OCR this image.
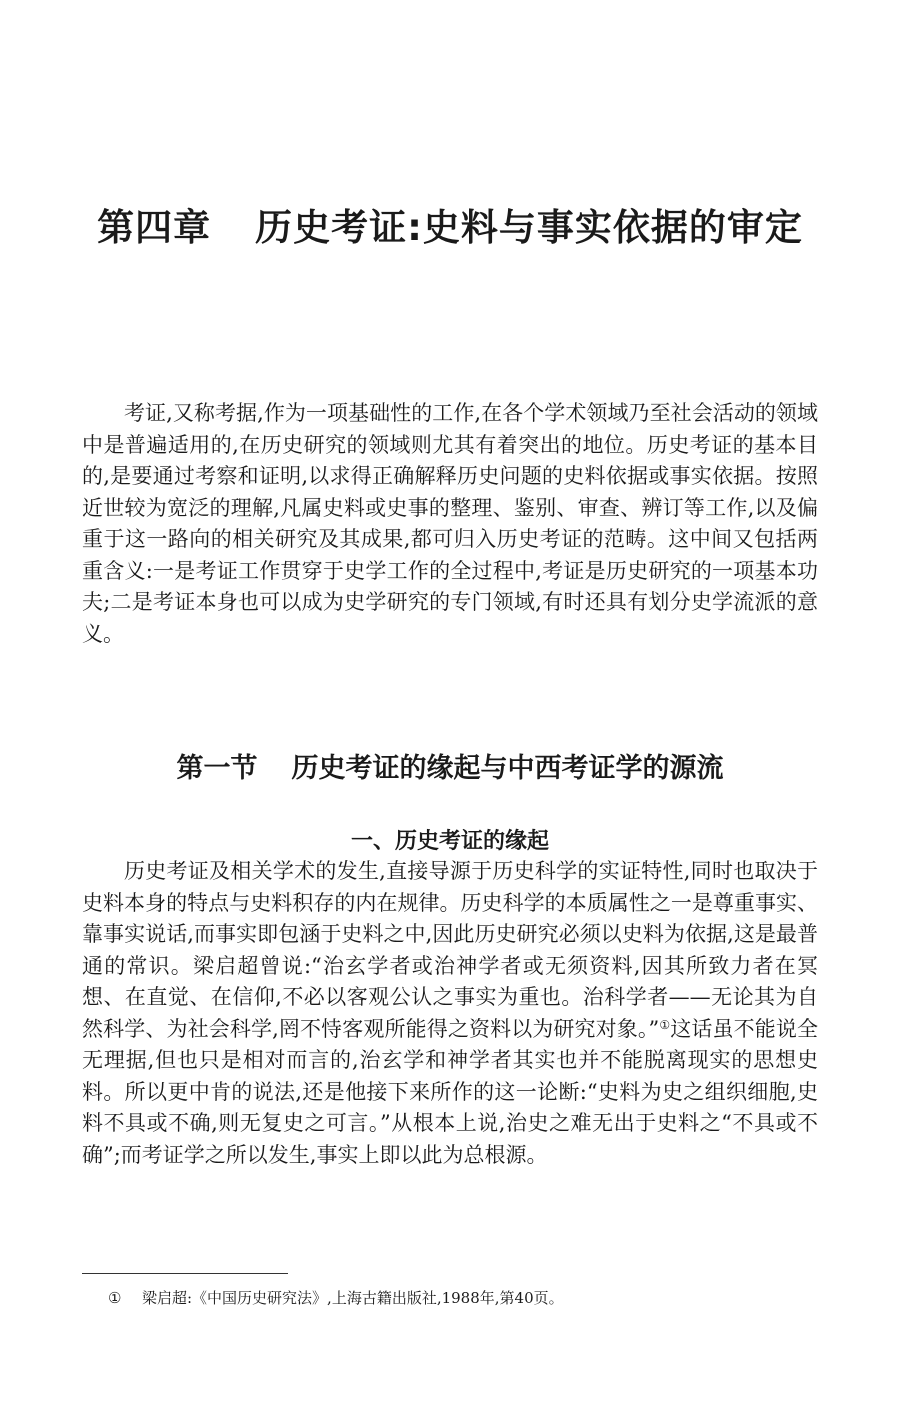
第四章 历史考证:史料与事实依据的审定

考证,又称考据,作为一项基础性的工作,在各个学术领域乃至社会活动的领域中是普遍适用的,在历史研究的领域则尤其有着突出的地位。历史考证的基本目的,是要通过考察和证明,以求得正确解释历史问题的史料依据或事实依据。按照近世较为宽泛的理解,凡属史料或史事的整理、鉴别、审查、辨订等工作,以及偏重于这一路向的相关研究及其成果,都可归入历史考证的范畴。这中间又包括两重含义:一是考证工作贯穿于史学工作的全过程中,考证是历史研究的一项基本功夫;二是考证本身也可以成为史学研究的专门领域,有时还具有划分史学流派的意义。

第一节 历史考证的缘起与中西考证学的源流
一、历史考证的缘起

历史考证及相关学术的发生,直接导源于历史科学的实证特性,同时也取决于史料本身的特点与史料积存的内在规律。历史科学的本质属性之一是尊重事实、靠事实说话,而事实即包涵于史料之中,因此历史研究必须以史料为依据,这是最普通的常识。梁启超曾说:“治玄学者或治神学者或无须资料,因其所致力者在冥想、在直觉、在信仰,不必以客观公认之事实为重也。治科学者——无论其为自然科学、为社会科学,罔不恃客观所能得之资料以为研究对象。”①这话虽不能说全无理据,但也只是相对而言的,治玄学和神学者其实也并不能脱离现实的思想史料。所以更中肯的说法,还是他接下来所作的这一论断:“史料为史之组织细胞,史料不具或不确,则无复史之可言。”从根本上说,治史之难无出于史料之“不具或不确”;而考证学之所以发生,事实上即以此为总根源。

① 梁启超:《中国历史研究法》,上海古籍出版社,1988年,第40页。
